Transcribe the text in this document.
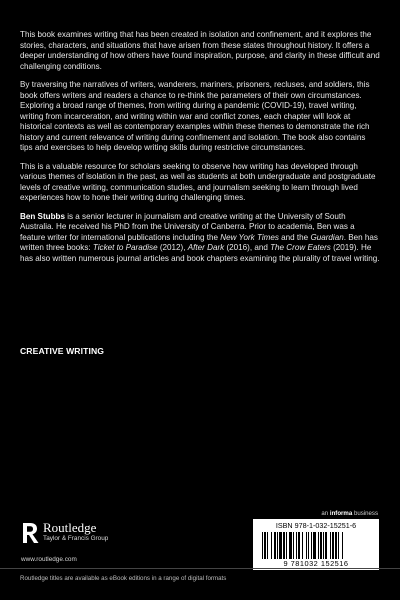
This book examines writing that has been created in isolation and confinement, and it explores the stories, characters, and situations that have arisen from these states throughout history. It offers a deeper understanding of how others have found inspiration, purpose, and clarity in these difficult and challenging conditions.

By traversing the narratives of writers, wanderers, mariners, prisoners, recluses, and soldiers, this book offers writers and readers a chance to re-think the parameters of their own circumstances. Exploring a broad range of themes, from writing during a pandemic (COVID-19), travel writing, writing from incarceration, and writing within war and conflict zones, each chapter will look at historical contexts as well as contemporary examples within these themes to demonstrate the rich history and current relevance of writing during confinement and isolation. The book also contains tips and exercises to help develop writing skills during restrictive circumstances.

This is a valuable resource for scholars seeking to observe how writing has developed through various themes of isolation in the past, as well as students at both undergraduate and postgraduate levels of creative writing, communication studies, and journalism seeking to learn through lived experiences how to hone their writing during challenging times.

Ben Stubbs is a senior lecturer in journalism and creative writing at the University of South Australia. He received his PhD from the University of Canberra. Prior to academia, Ben was a feature writer for international publications including the New York Times and the Guardian. Ben has written three books: Ticket to Paradise (2012), After Dark (2016), and The Crow Eaters (2019). He has also written numerous journal articles and book chapters examining the plurality of travel writing.

CREATIVE WRITING
an informa business
Routledge
Taylor & Francis Group
www.routledge.com
ISBN 978-1-032-15251-6
9 781032 152516
Routledge titles are available as eBook editions in a range of digital formats
